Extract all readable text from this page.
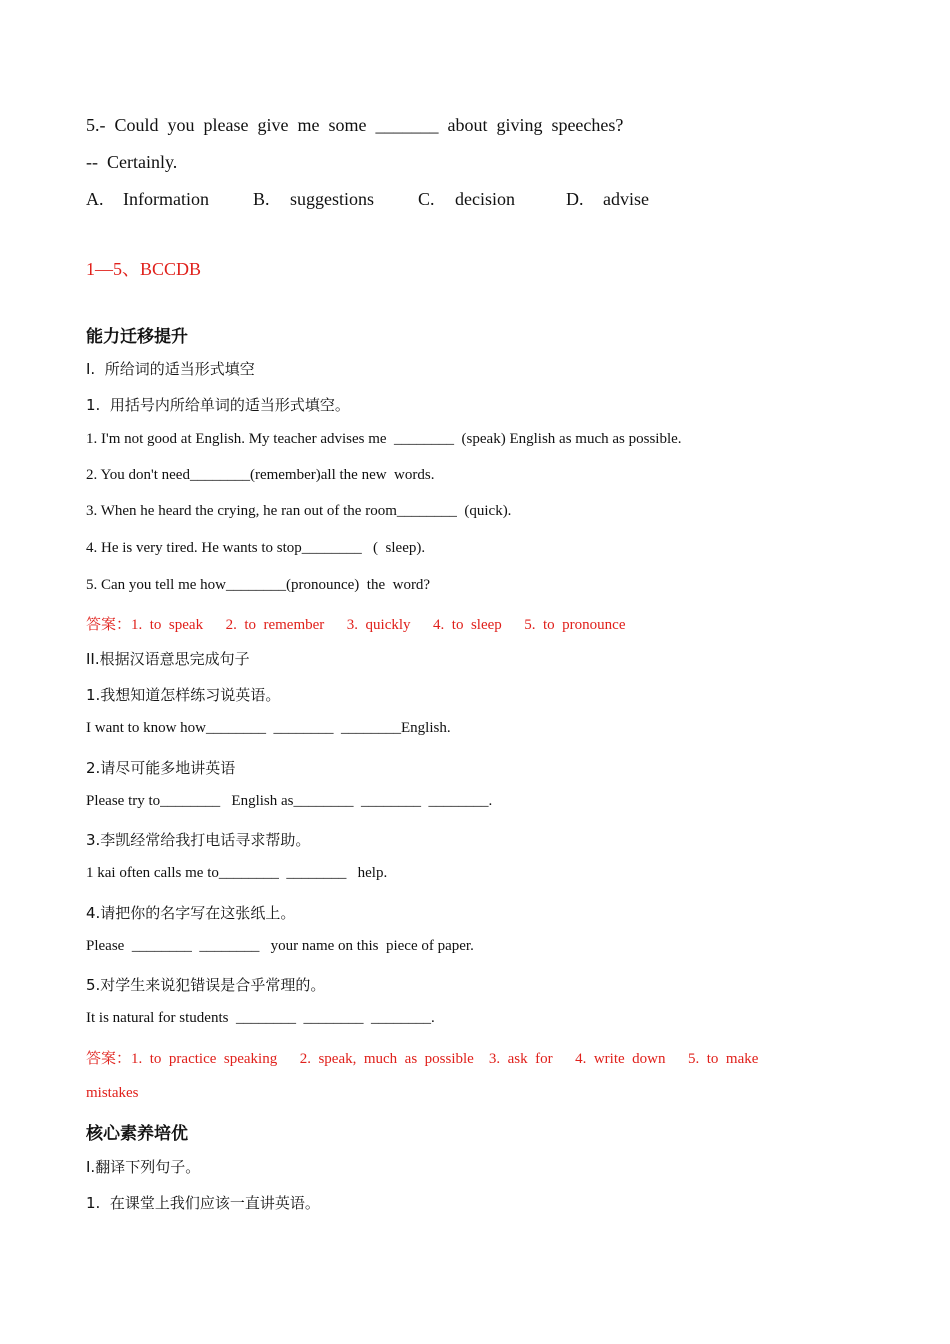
5.-  Could  you  please  give  me  some  _______  about  giving  speeches?
--  Certainly.
A. Information B. suggestions C. decision	D. advise
1—5、BCCDB
能力迁移提升
I.  所给词的适当形式填空
1.  用括号内所给单词的适当形式填空。
1. I'm not good at English. My teacher advises me  ________  (speak) English as much as possible.
2. You don't need________(remember)all the new  words.
3. When he heard the crying, he ran out of the room________  (quick).
4. He is very tired. He wants to stop________   (  sleep).
5. Can you tell me how________(pronounce)  the  word?
答案：1.  to  speak      2.  to  remember      3.  quickly      4.  to  sleep      5.  to  pronounce
II.根据汉语意思完成句子
1.我想知道怎样练习说英语。
I want to know how________  ________  ________English.
2.请尽可能多地讲英语
Please try to________   English as________  ________  ________.
3.李凯经常给我打电话寻求帮助。
1 kai often calls me to________  ________   help.
4.请把你的名字写在这张纸上。
Please  ________  ________   your name on this  piece of paper.
5.对学生来说犯错误是合乎常理的。
It is natural for students  ________  ________  ________.
答案：1.  to  practice  speaking      2.  speak,  much  as  possible    3.  ask  for      4.  write  down      5.  to  make
mistakes
核心素养培优
I.翻译下列句子。
1.  在课堂上我们应该一直讲英语。
